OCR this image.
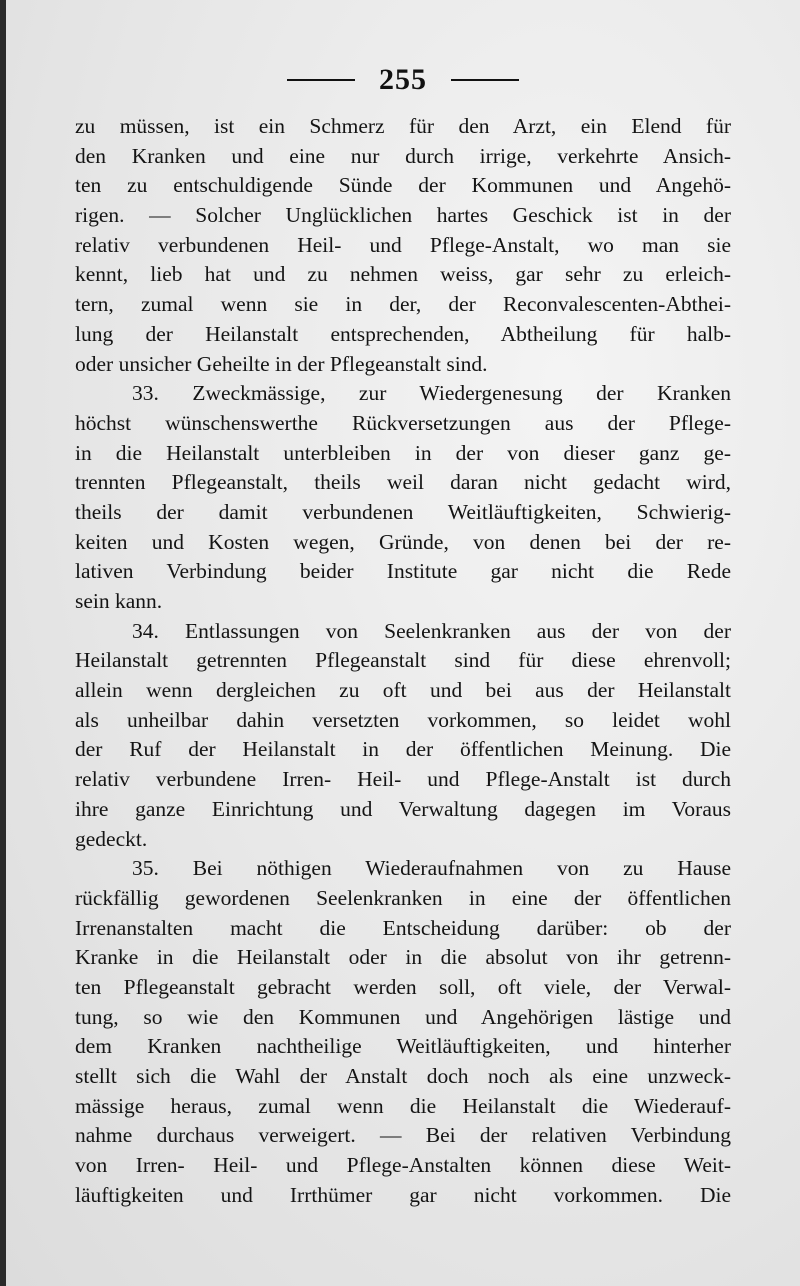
255
zu müssen, ist ein Schmerz für den Arzt, ein Elend für
den Kranken und eine nur durch irrige, verkehrte Ansich-
ten zu entschuldigende Sünde der Kommunen und Angehö-
rigen. — Solcher Unglücklichen hartes Geschick ist in der
relativ verbundenen Heil- und Pflege-Anstalt, wo man sie
kennt, lieb hat und zu nehmen weiss, gar sehr zu erleich-
tern, zumal wenn sie in der, der Reconvalescenten-Abthei-
lung der Heilanstalt entsprechenden, Abtheilung für halb-
oder unsicher Geheilte in der Pflegeanstalt sind.
33. Zweckmässige, zur Wiedergenesung der Kranken
höchst wünschenswerthe Rückversetzungen aus der Pflege-
in die Heilanstalt unterbleiben in der von dieser ganz ge-
trennten Pflegeanstalt, theils weil daran nicht gedacht wird,
theils der damit verbundenen Weitläuftigkeiten, Schwierig-
keiten und Kosten wegen, Gründe, von denen bei der re-
lativen Verbindung beider Institute gar nicht die Rede
sein kann.
34. Entlassungen von Seelenkranken aus der von der
Heilanstalt getrennten Pflegeanstalt sind für diese ehrenvoll;
allein wenn dergleichen zu oft und bei aus der Heilanstalt
als unheilbar dahin versetzten vorkommen, so leidet wohl
der Ruf der Heilanstalt in der öffentlichen Meinung. Die
relativ verbundene Irren- Heil- und Pflege-Anstalt ist durch
ihre ganze Einrichtung und Verwaltung dagegen im Voraus
gedeckt.
35. Bei nöthigen Wiederaufnahmen von zu Hause
rückfällig gewordenen Seelenkranken in eine der öffentlichen
Irrenanstalten macht die Entscheidung darüber: ob der
Kranke in die Heilanstalt oder in die absolut von ihr getrenn-
ten Pflegeanstalt gebracht werden soll, oft viele, der Verwal-
tung, so wie den Kommunen und Angehörigen lästige und
dem Kranken nachtheilige Weitläuftigkeiten, und hinterher
stellt sich die Wahl der Anstalt doch noch als eine unzweck-
mässige heraus, zumal wenn die Heilanstalt die Wiederauf-
nahme durchaus verweigert. — Bei der relativen Verbindung
von Irren- Heil- und Pflege-Anstalten können diese Weit-
läuftigkeiten und Irrthümer gar nicht vorkommen. Die
